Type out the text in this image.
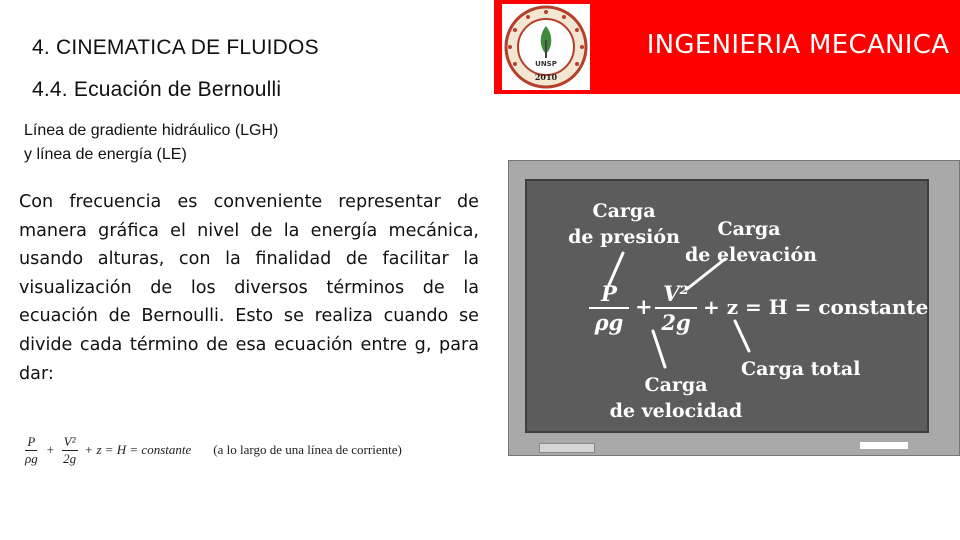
4. CINEMATICA DE FLUIDOS
4.4. Ecuación de Bernoulli
UNSP
2010
INGENIERIA MECANICA
Línea de gradiente hidráulico (LGH)
y línea de energía (LE)
Con frecuencia es conveniente representar de manera gráfica el nivel de la energía mecánica, usando alturas, con la finalidad de facilitar la visualización de los diversos términos de la ecuación de Bernoulli. Esto se realiza cuando se divide cada término de esa ecuación entre g, para dar:
$\frac{P}{\rho g} + \frac{\text{V²}}{2g} + z = H$ = constante (a lo largo de una línea de corriente)
Carga
de presión	Carga
de elevación
P
ρg
+
V²
2g
+ z = H = constante
Carga
de velocidad
Carga total
